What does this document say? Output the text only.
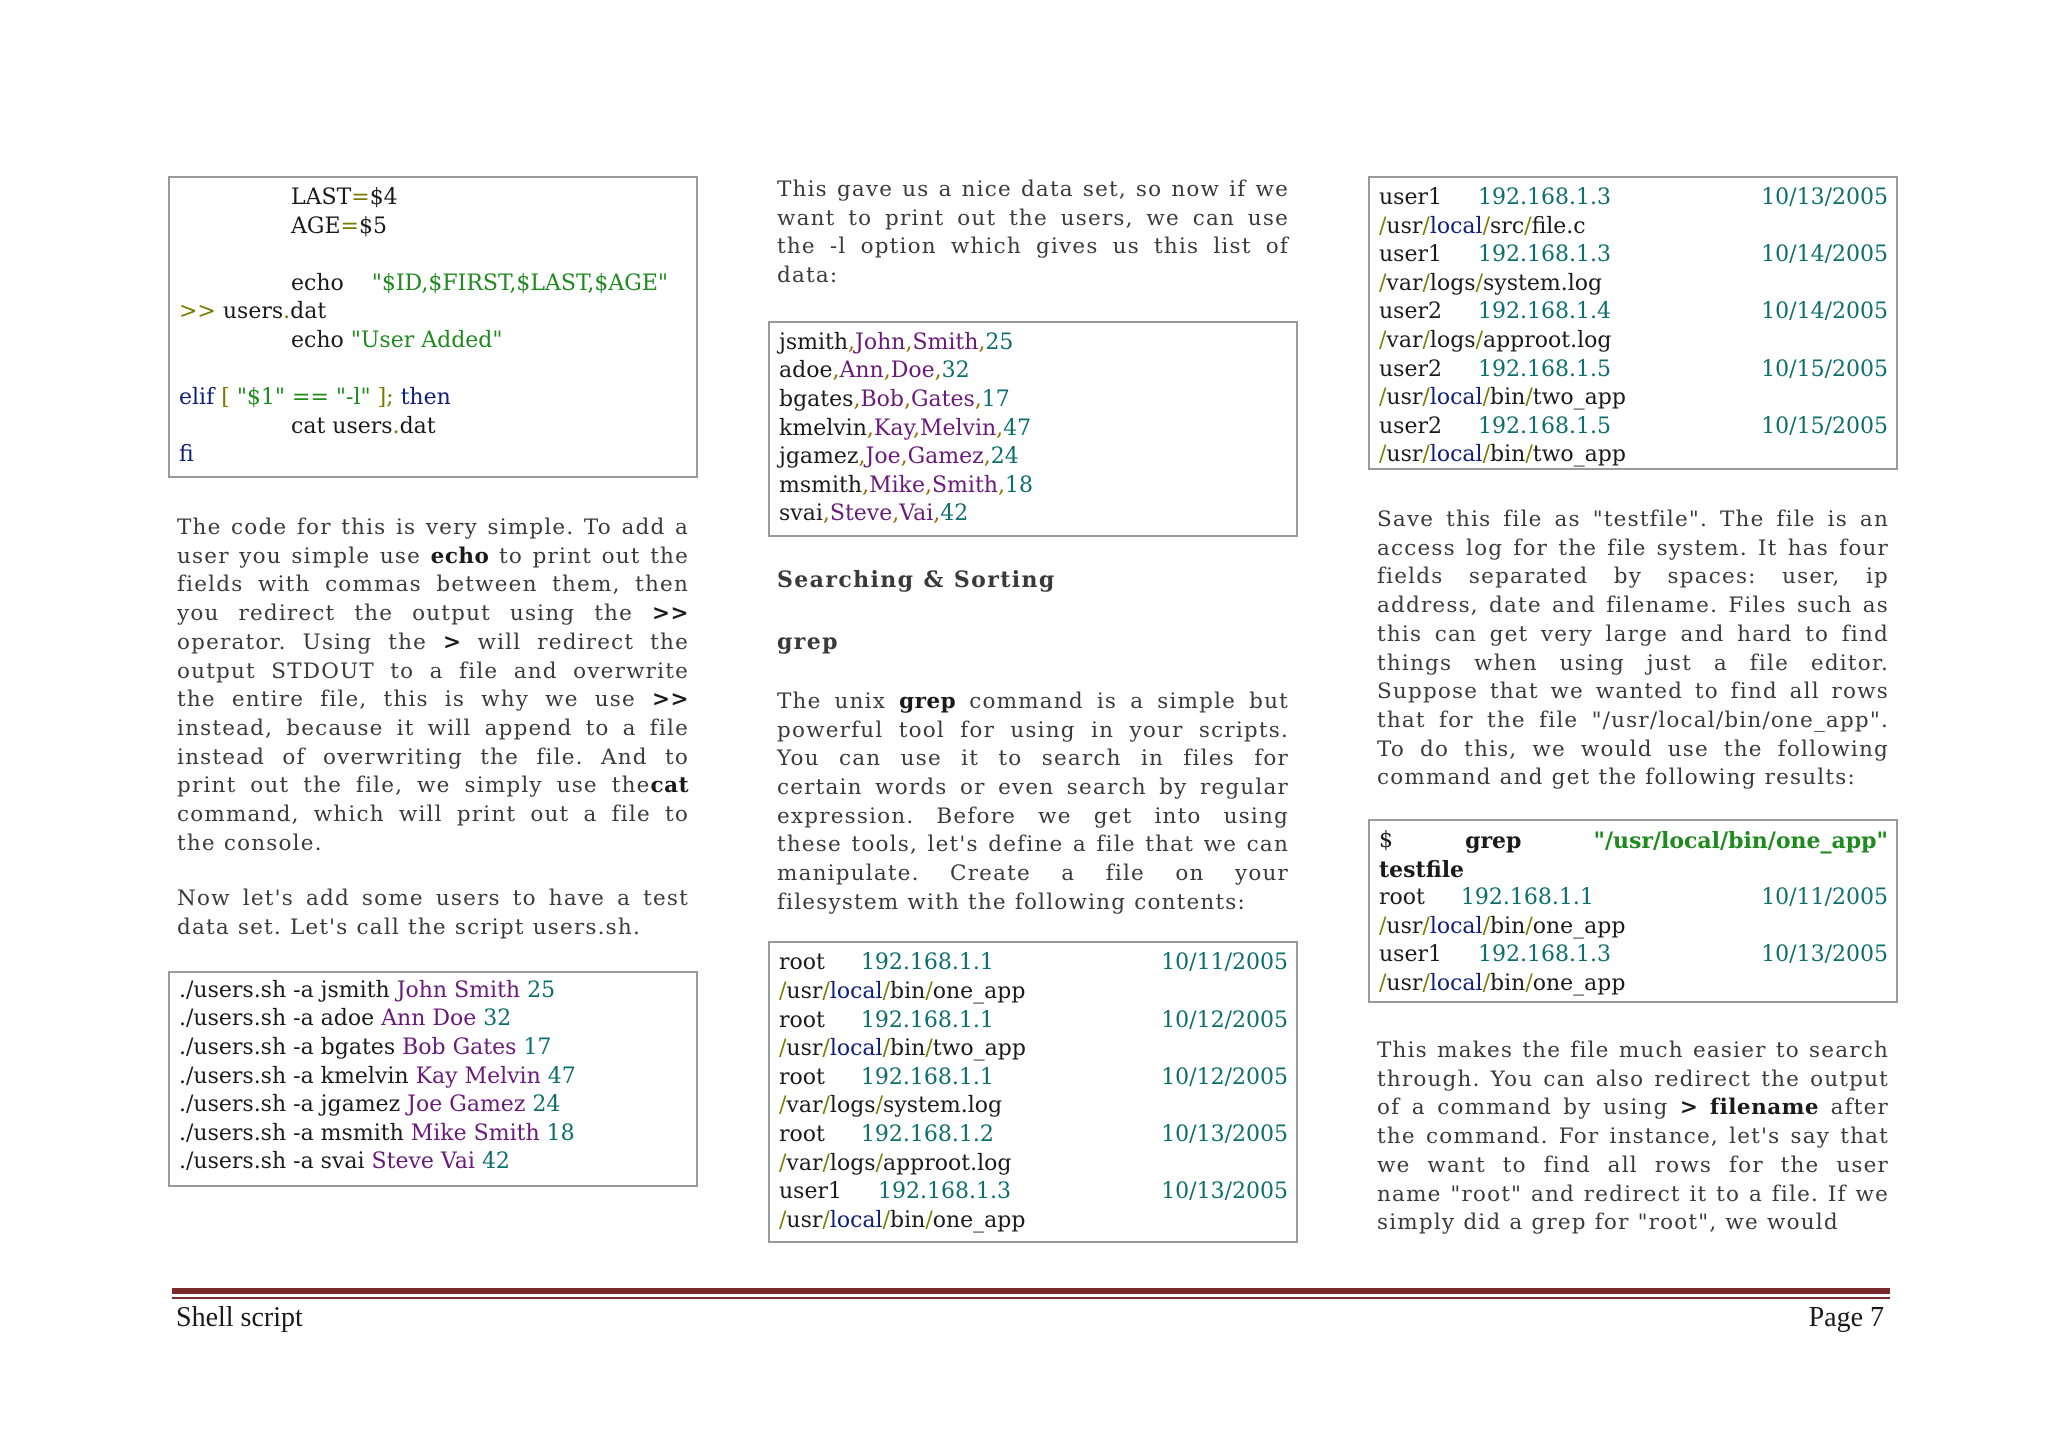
LAST=$4
AGE=$5
echo    "$ID,$FIRST,$LAST,$AGE"
>> users.dat
echo "User Added"
elif [ "$1" == "-l" ]; then
cat users.dat
fi

The code for this is very simple. To add a user you simple use echo to print out the fields with commas between them, then you redirect the output using the >> operator. Using the > will redirect the output STDOUT to a file and overwrite the entire file, this is why we use >> instead, because it will append to a file instead of overwriting the file. And to print out the file, we simply use thecat command, which will print out a file to the console.

Now let's add some users to have a test data set. Let's call the script users.sh.

./users.sh -a jsmith John Smith 25
./users.sh -a adoe Ann Doe 32
./users.sh -a bgates Bob Gates 17
./users.sh -a kmelvin Kay Melvin 47
./users.sh -a jgamez Joe Gamez 24
./users.sh -a msmith Mike Smith 18
./users.sh -a svai Steve Vai 42

This gave us a nice data set, so now if we want to print out the users, we can use the -l option which gives us this list of data:

jsmith,John,Smith,25
adoe,Ann,Doe,32
bgates,Bob,Gates,17
kmelvin,Kay,Melvin,47
jgamez,Joe,Gamez,24
msmith,Mike,Smith,18
svai,Steve,Vai,42

Searching & Sorting

grep

The unix grep command is a simple but powerful tool for using in your scripts. You can use it to search in files for certain words or even search by regular expression. Before we get into using these tools, let's define a file that we can manipulate. Create a file on your filesystem with the following contents:

root 192.168.1.1	10/11/2005
/usr/local/bin/one_app
root 192.168.1.1	10/12/2005
/usr/local/bin/two_app
root 192.168.1.1	10/12/2005
/var/logs/system.log
root 192.168.1.2	10/13/2005
/var/logs/approot.log
user1 192.168.1.3	10/13/2005
/usr/local/bin/one_app
user1 192.168.1.3	10/13/2005
/usr/local/src/file.c
user1 192.168.1.3	10/14/2005
/var/logs/system.log
user2 192.168.1.4	10/14/2005
/var/logs/approot.log
user2 192.168.1.5	10/15/2005
/usr/local/bin/two_app
user2 192.168.1.5	10/15/2005
/usr/local/bin/two_app

Save this file as "testfile". The file is an access log for the file system. It has four fields separated by spaces: user, ip address, date and filename. Files such as this can get very large and hard to find things when using just a file editor. Suppose that we wanted to find all rows that for the file "/usr/local/bin/one_app". To do this, we would use the following command and get the following results:

$	grep	"/usr/local/bin/one_app"
testfile
root 192.168.1.1	10/11/2005
/usr/local/bin/one_app
user1 192.168.1.3	10/13/2005
/usr/local/bin/one_app

This makes the file much easier to search through. You can also redirect the output of a command by using > filename after the command. For instance, let's say that we want to find all rows for the user name "root" and redirect it to a file. If we simply did a grep for "root", we would

Shell script	Page 7
